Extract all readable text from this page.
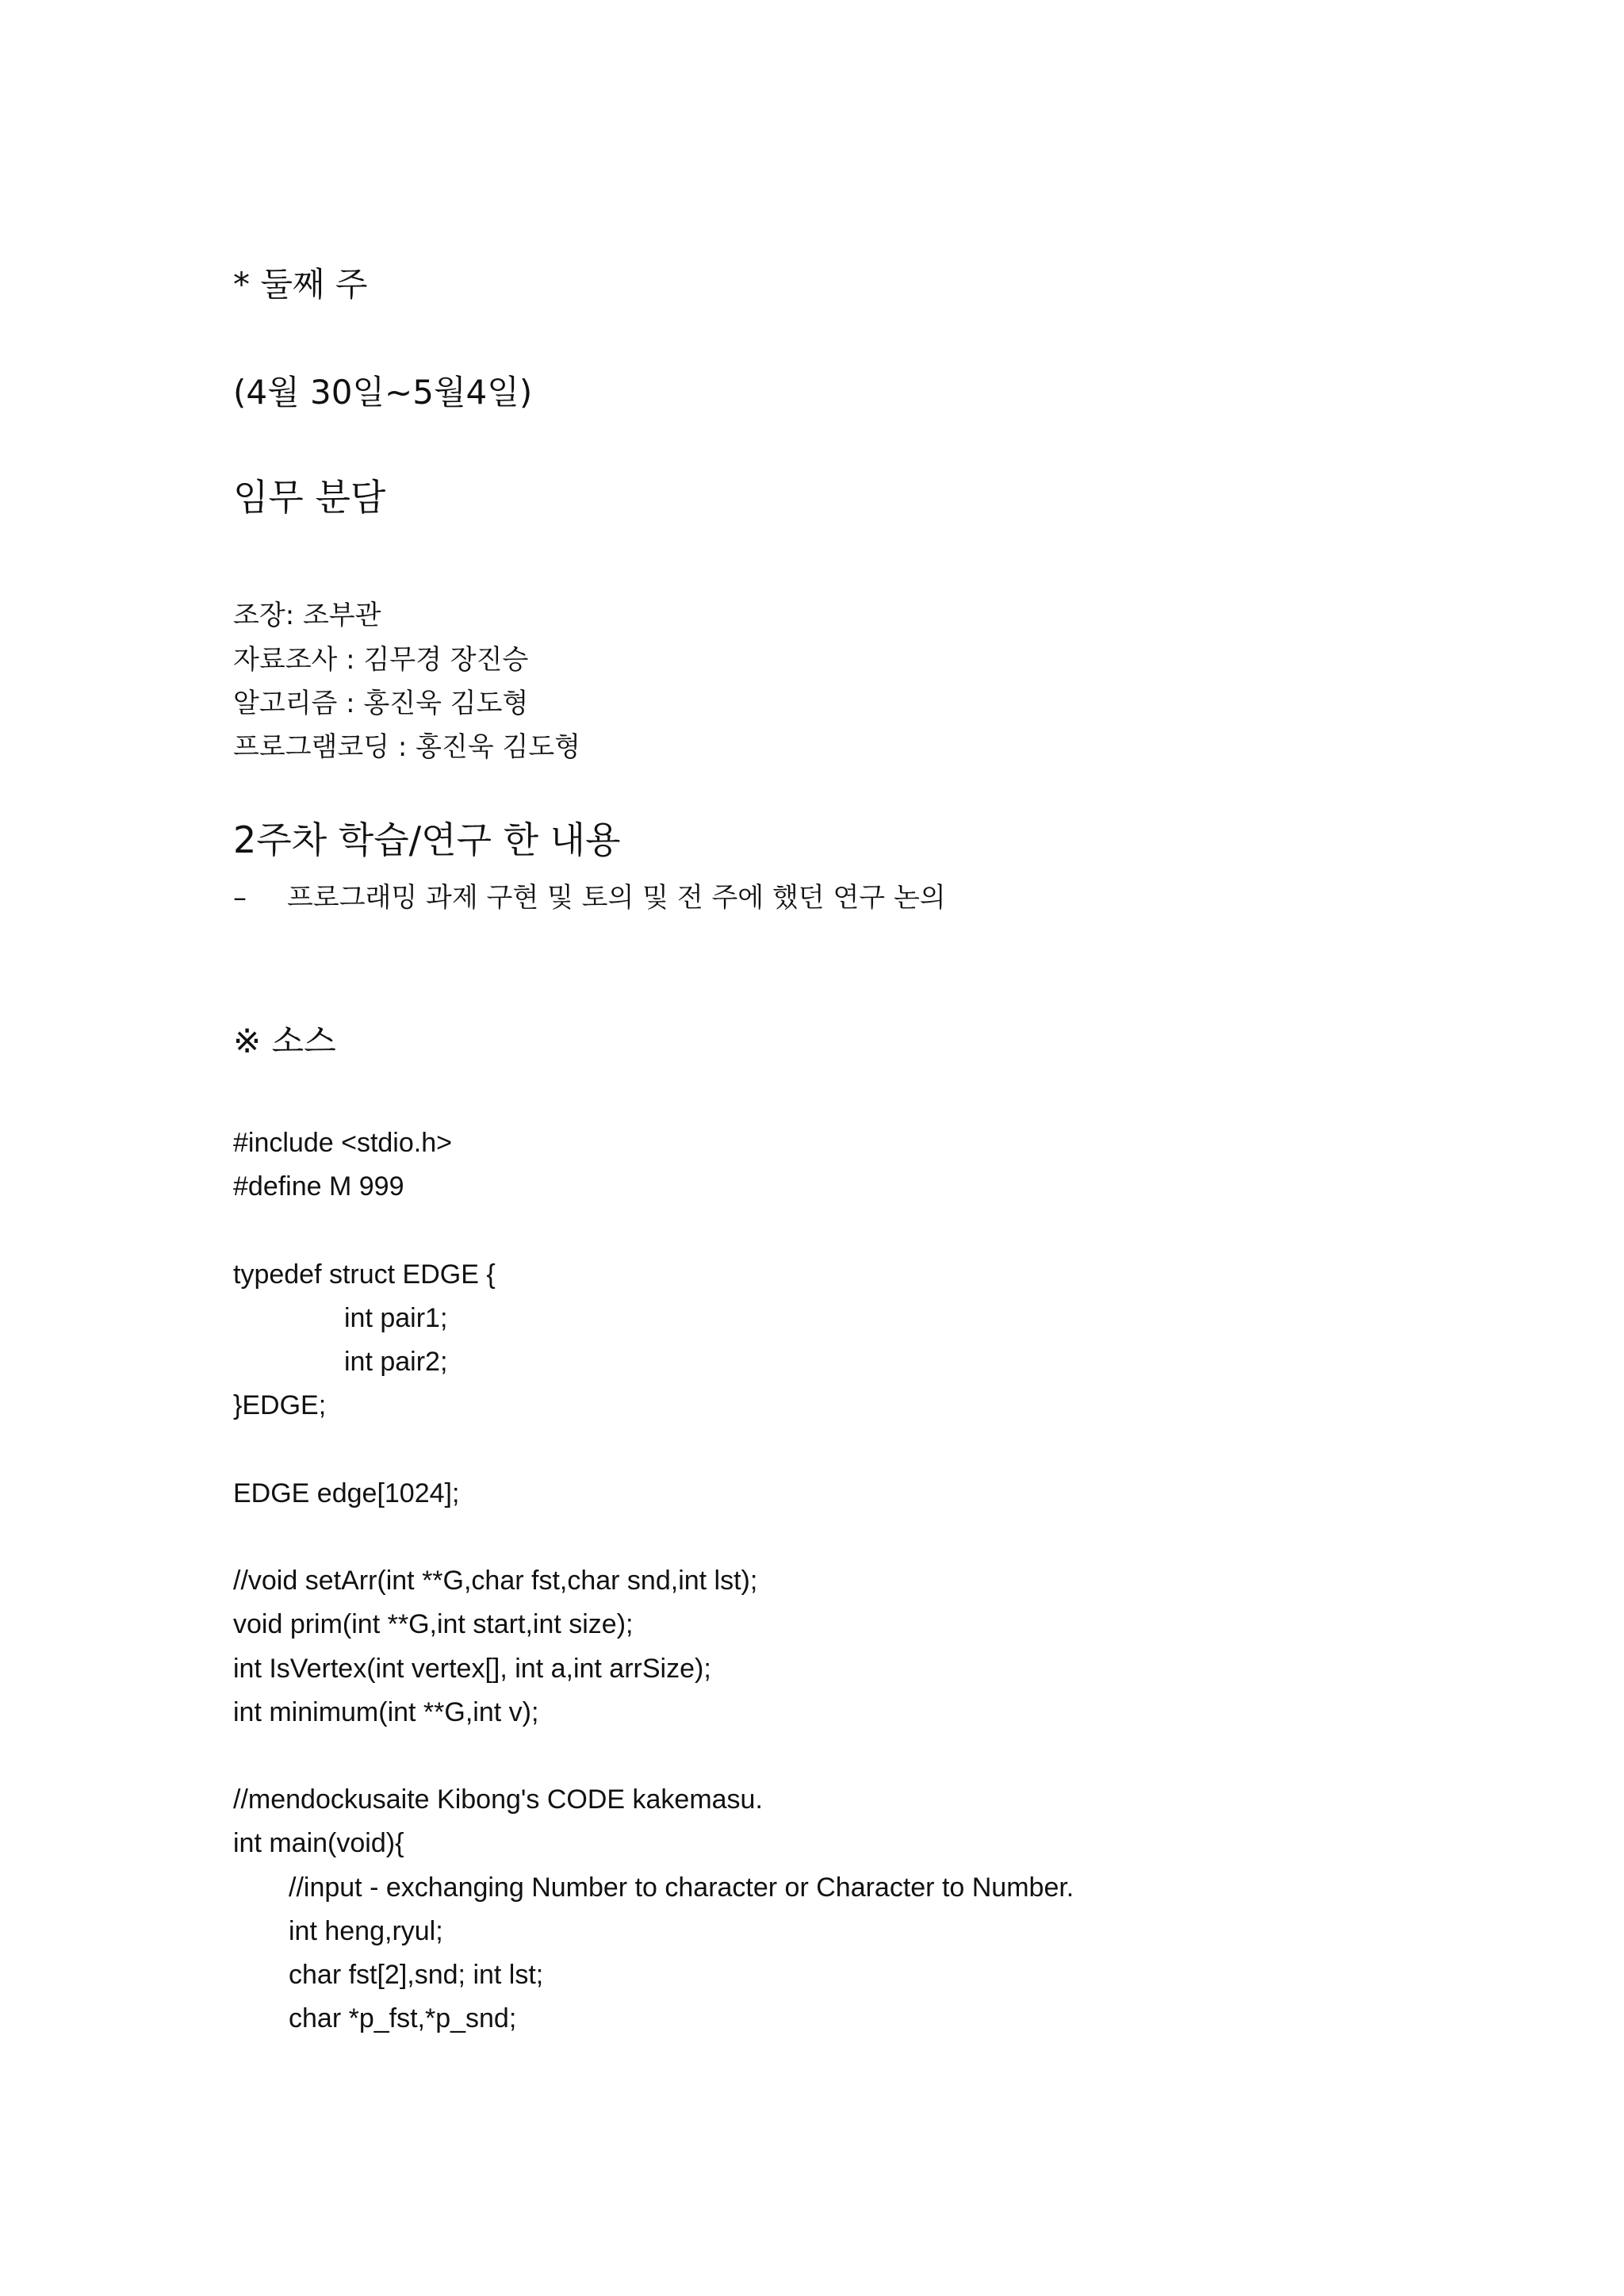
* 둘째 주
(4월 30일~5월4일)
임무 분담
조장: 조부관
자료조사 : 김무경 장진승
알고리즘 : 홍진욱 김도형
프로그램코딩 : 홍진욱 김도형
2주차 학습/연구 한 내용
– 프로그래밍 과제 구현 및 토의 및 전 주에 했던 연구 논의
※ 소스
#include <stdio.h>
#define M 999
typedef struct EDGE {
int pair1;
int pair2;
}EDGE;
EDGE edge[1024];
//void setArr(int **G,char fst,char snd,int lst);
void prim(int **G,int start,int size);
int IsVertex(int vertex[], int a,int arrSize);
int minimum(int **G,int v);
//mendockusaite Kibong's CODE kakemasu.
int main(void){
//input - exchanging Number to character or Character to Number.
int heng,ryul;
char fst[2],snd; int lst;
char *p_fst,*p_snd;
